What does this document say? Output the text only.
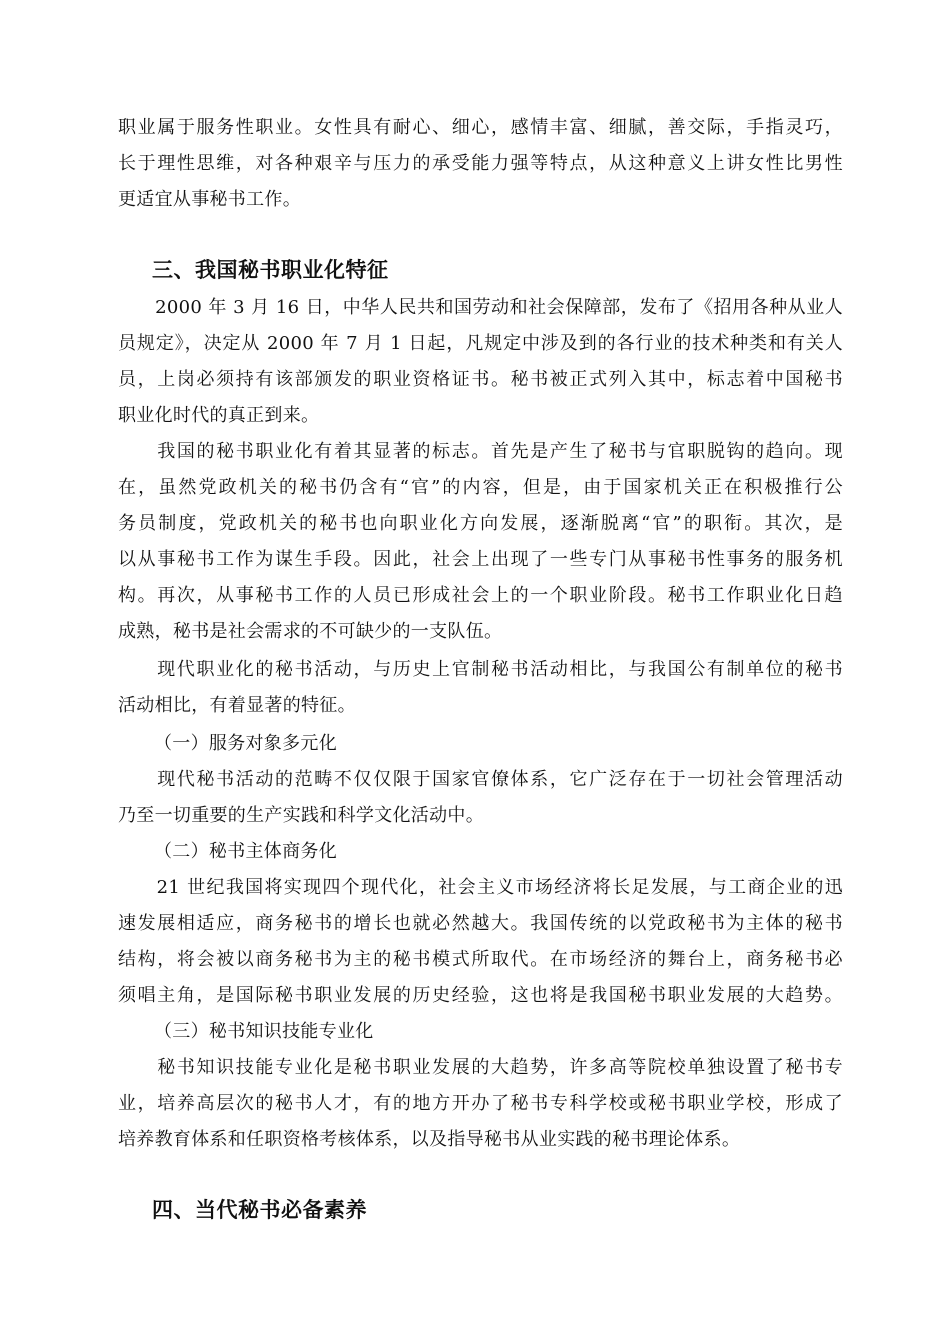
职业属于服务性职业。女性具有耐心、细心，感情丰富、细腻，善交际，手指灵巧，
长于理性思维，对各种艰辛与压力的承受能力强等特点，从这种意义上讲女性比男性
更适宜从事秘书工作。
三、我国秘书职业化特征
　　2000 年 3 月 16 日，中华人民共和国劳动和社会保障部，发布了《招用各种从业人
员规定》，决定从 2000 年 7 月 1 日起，凡规定中涉及到的各行业的技术种类和有关人
员，上岗必须持有该部颁发的职业资格证书。秘书被正式列入其中，标志着中国秘书
职业化时代的真正到来。
　　我国的秘书职业化有着其显著的标志。首先是产生了秘书与官职脱钩的趋向。现
在，虽然党政机关的秘书仍含有“官”的内容，但是，由于国家机关正在积极推行公
务员制度，党政机关的秘书也向职业化方向发展，逐渐脱离“官”的职衔。其次，是
以从事秘书工作为谋生手段。因此，社会上出现了一些专门从事秘书性事务的服务机
构。再次，从事秘书工作的人员已形成社会上的一个职业阶段。秘书工作职业化日趋
成熟，秘书是社会需求的不可缺少的一支队伍。
　　现代职业化的秘书活动，与历史上官制秘书活动相比，与我国公有制单位的秘书
活动相比，有着显著的特征。
（一）服务对象多元化
　　现代秘书活动的范畴不仅仅限于国家官僚体系，它广泛存在于一切社会管理活动
乃至一切重要的生产实践和科学文化活动中。
（二）秘书主体商务化
　　21 世纪我国将实现四个现代化，社会主义市场经济将长足发展，与工商企业的迅
速发展相适应，商务秘书的增长也就必然越大。我国传统的以党政秘书为主体的秘书
结构，将会被以商务秘书为主的秘书模式所取代。在市场经济的舞台上，商务秘书必
须唱主角，是国际秘书职业发展的历史经验，这也将是我国秘书职业发展的大趋势。
（三）秘书知识技能专业化
　　秘书知识技能专业化是秘书职业发展的大趋势，许多高等院校单独设置了秘书专
业，培养高层次的秘书人才，有的地方开办了秘书专科学校或秘书职业学校，形成了
培养教育体系和任职资格考核体系，以及指导秘书从业实践的秘书理论体系。
四、当代秘书必备素养
